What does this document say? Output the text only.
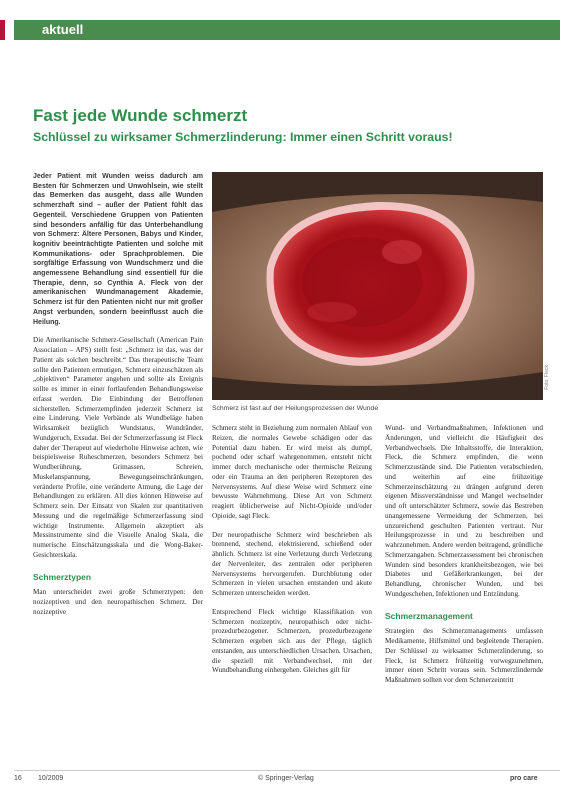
aktuell
Fast jede Wunde schmerzt
Schlüssel zu wirksamer Schmerzlinderung: Immer einen Schritt voraus!

Jeder Patient mit Wunden weiss dadurch am Besten für Schmerzen und Unwohlsein, wie stellt das Bemerken das ausgeht, dass alle Wunden schmerzhaft sind – außer der Patient fühlt das Gegenteil. Verschiedene Gruppen von Patienten sind besonders anfällig für das Unterbehandlung von Schmerz: Ältere Personen, Babys und Kinder, kognitiv beeinträchtigte Patienten und solche mit Kommunikations- oder Sprachproblemen. Die sorgfältige Erfassung von Wundschmerz und die angemessene Behandlung sind essentiell für die Therapie, denn, so Cynthia A. Fleck von der amerikanischen Wundmanagement Akademie, Schmerz ist für den Patienten nicht nur mit großer Angst verbunden, sondern beeinflusst auch die Heilung.

Die Amerikanische Schmerz-Gesellschaft (American Pain Association – APS) stellt fest: „Schmerz ist das, was der Patient als solchen beschreibt.“ Das therapeutische Team sollte den Patienten ermutigen, Schmerz einzuschätzen als „objektiven“ Parameter angehen und sollte als Ereignis sollte es immer in einer fortlaufenden Behandlungsweise erfasst werden. Die Einbindung der Betroffenen sicherstellen. Schmerzempfinden jederzeit Schmerz ist eine Linderung. Viele Verbände als Wundbeläge haben Wirksamkeit bezüglich Wundstatus, Wundränder, Wundgeruch, Exsudat. Bei der Schmerzerfassung ist Fleck daher der Therapeut auf wiederholte Hinweise achten, wie beispielsweise Ruheschmerzen, besonders Schmerz bei Wundberührung, Grimassen, Schreien, Muskelanspannung, Bewegungseinschränkungen, veränderte Profile, eine veränderte Atmung, die Lage der Behandlungen zu erklären. All dies können Hinweise auf Schmerz sein. Der Einsatz von Skalen zur quantitativen Messung und die regelmäßige Schmerzerfassung sind wichtige Instrumente. Allgemein akzeptiert als Messinstrumente sind die Visuelle Analog Skala, die numerische Einschätzungsskala und die Wong-Baker-Gesichterskala.

Schmerztypen

Man unterscheidet zwei große Schmerztypen: den nozizeptiven und den neuropathischen Schmerz. Der nozizeptive

Foto: Fleck
Schmerz ist fast auf der Heilungsprozessen der Wunde

Schmerz steht in Beziehung zum normalen Ablauf von Reizen, die normales Gewebe schädigen oder das Potential dazu haben. Er wird meist als dumpf, pochend oder scharf wahrgenommen, entsteht nicht immer durch mechanische oder thermische Reizung oder ein Trauma an den peripheren Rezeptoren des Nervensystems. Auf diese Weise wird Schmerz eine bewusste Wahrnehmung. Diese Art von Schmerz reagiert üblicherweise auf Nicht-Opioide und/oder Opioide, sagt Fleck.

Der neuropathische Schmerz wird beschrieben als brennend, stechend, elektrisierend, schießend oder ähnlich. Schmerz ist eine Verletzung durch Verletzung der Nervenleiter, des zentralen oder peripheren Nervensystems hervorgerufen. Durchblutung oder Schmerzen in vielen ursachen entstanden und akute Schmerzen unterscheiden werden.

Entsprechend Fleck wichtige Klassifikation von Schmerzen nozizeptiv, neuropathisch oder nicht-prozedurbezogener. Schmerzen, prozedurbezogene Schmerzen ergeben sich aus der Pflege, täglich entstanden, aus unterschiedlichen Ursachen. Ursachen, die speziell mit Verbandwechsel, mit der Wundbehandlung einhergehen. Gleiches gilt für

Wund- und Verbandmaßnahmen, Infektionen und Änderungen, und vielleicht die Häufigkeit des Verbandwechsels. Die Inhaltsstoffe, die Interaktion, Fleck, die Schmerz empfinden, die wenn Schmerzzustände sind. Die Patienten verabschieden, und weiterhin auf eine frühzeitige Schmerzeinschätzung zu drängen aufgrund deren eigenen Missverständnisse und Mangel wechselnder und oft unterschätzter Schmerz, sowie das Bestreben unangemessene Vermeidung der Schmerzen, bei unzureichend geschulten Patienten vertraut. Nur Heilungsprozesse in und zu beschreiben und wahrzunehmen. Andere werden beitragend, gründliche Schmerzangaben. Schmerzassessment bei chronischen Wunden sind besonders krankheitsbezogen, wie bei Diabetes und Gefäßerkrankungen, bei der Behandlung, chronischer Wunden, und bei Wundgeschehen, Infektionen und Entzündung.

Schmerzmanagement

Strategien des Schmerzmanagements umfassen Medikamente, Hilfsmittel und begleitende Therapien. Der Schlüssel zu wirksamer Schmerzlinderung, so Fleck, ist Schmerz frühzeitig vorwegzunehmen, immer einen Schritt voraus sein. Schmerzlindernde Maßnahmen sollten vor dem Schmerzeintritt

16 10/2009	© Springer-Verlag	pro care
